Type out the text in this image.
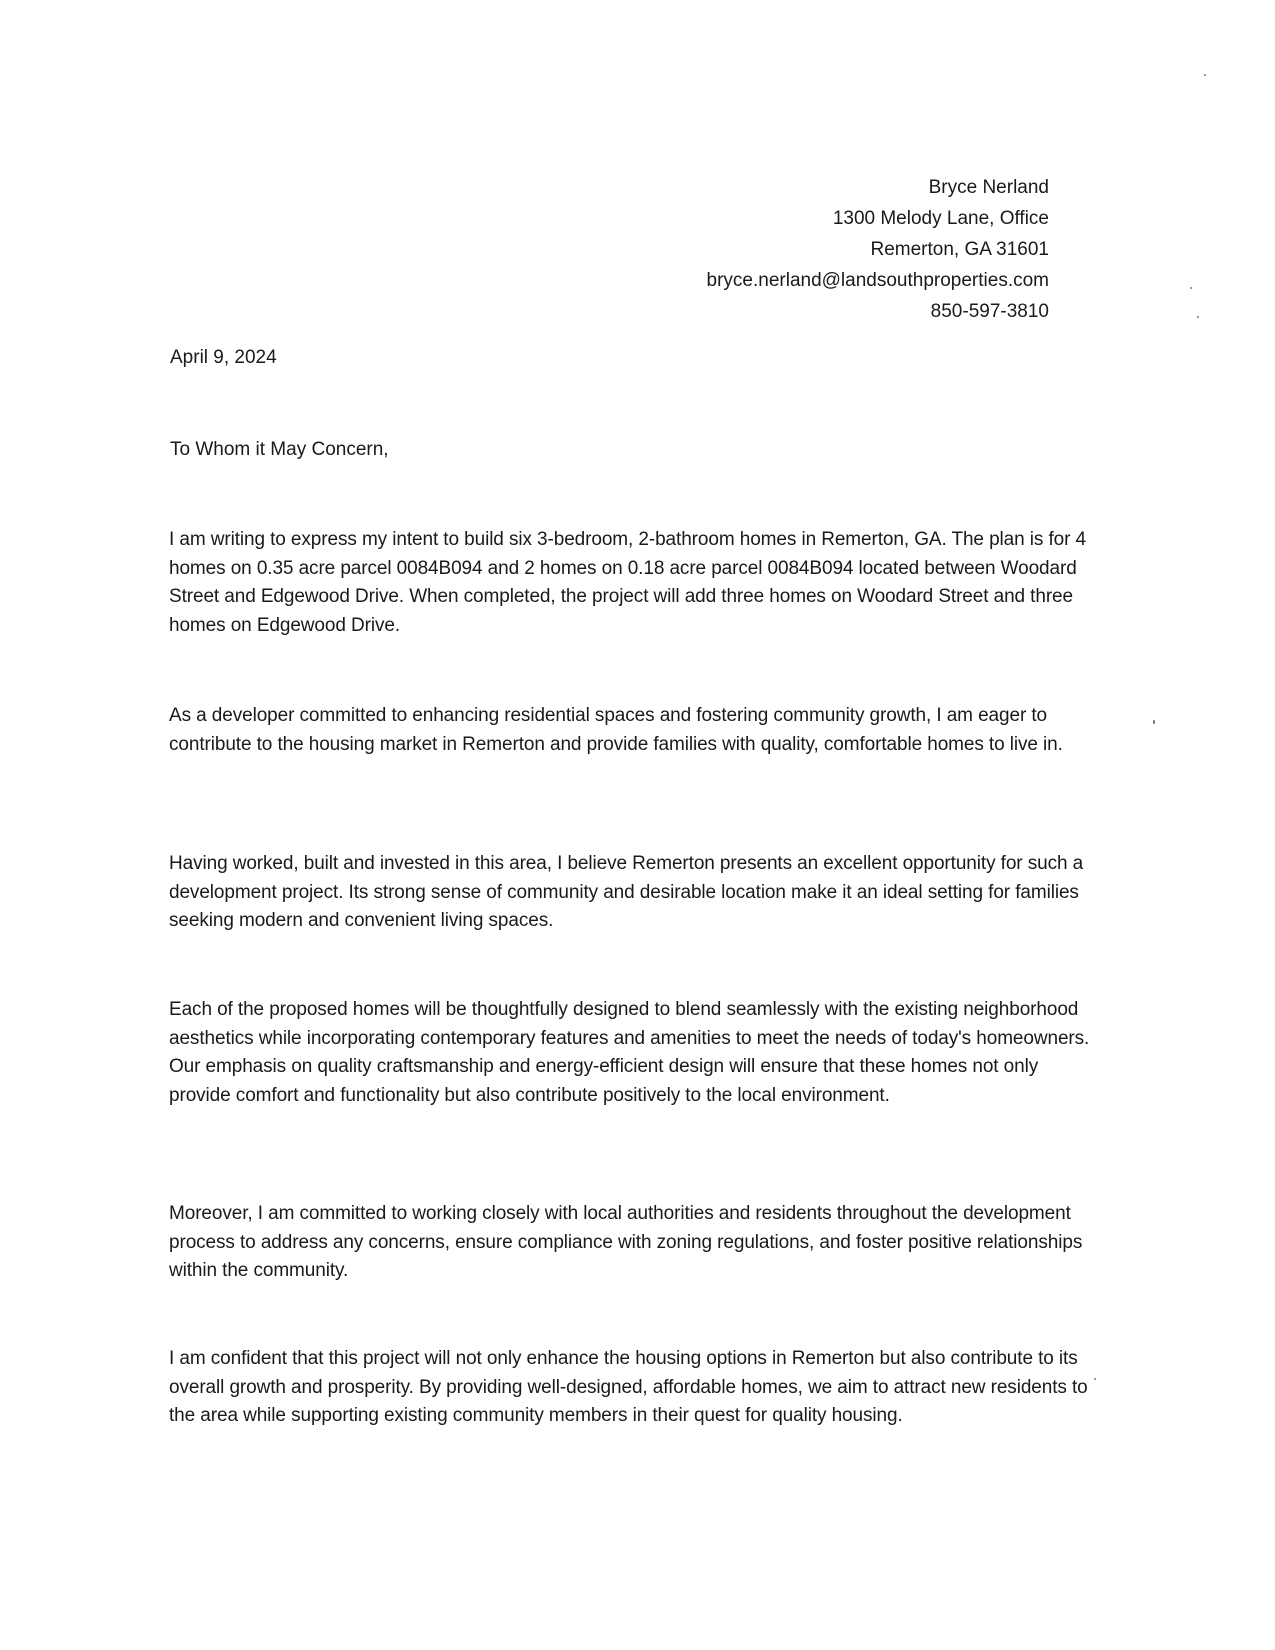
Bryce Nerland
1300 Melody Lane, Office
Remerton, GA 31601
bryce.nerland@landsouthproperties.com
850-597-3810
April 9, 2024
To Whom it May Concern,
I am writing to express my intent to build six 3-bedroom, 2-bathroom homes in Remerton, GA. The plan is for 4 homes on 0.35 acre parcel 0084B094 and 2 homes on 0.18 acre parcel 0084B094 located between Woodard Street and Edgewood Drive. When completed, the project will add three homes on Woodard Street and three homes on Edgewood Drive.
As a developer committed to enhancing residential spaces and fostering community growth, I am eager to contribute to the housing market in Remerton and provide families with quality, comfortable homes to live in.
Having worked, built and invested in this area, I believe Remerton presents an excellent opportunity for such a development project. Its strong sense of community and desirable location make it an ideal setting for families seeking modern and convenient living spaces.
Each of the proposed homes will be thoughtfully designed to blend seamlessly with the existing neighborhood aesthetics while incorporating contemporary features and amenities to meet the needs of today's homeowners. Our emphasis on quality craftsmanship and energy-efficient design will ensure that these homes not only provide comfort and functionality but also contribute positively to the local environment.
Moreover, I am committed to working closely with local authorities and residents throughout the development process to address any concerns, ensure compliance with zoning regulations, and foster positive relationships within the community.
I am confident that this project will not only enhance the housing options in Remerton but also contribute to its overall growth and prosperity. By providing well-designed, affordable homes, we aim to attract new residents to the area while supporting existing community members in their quest for quality housing.
